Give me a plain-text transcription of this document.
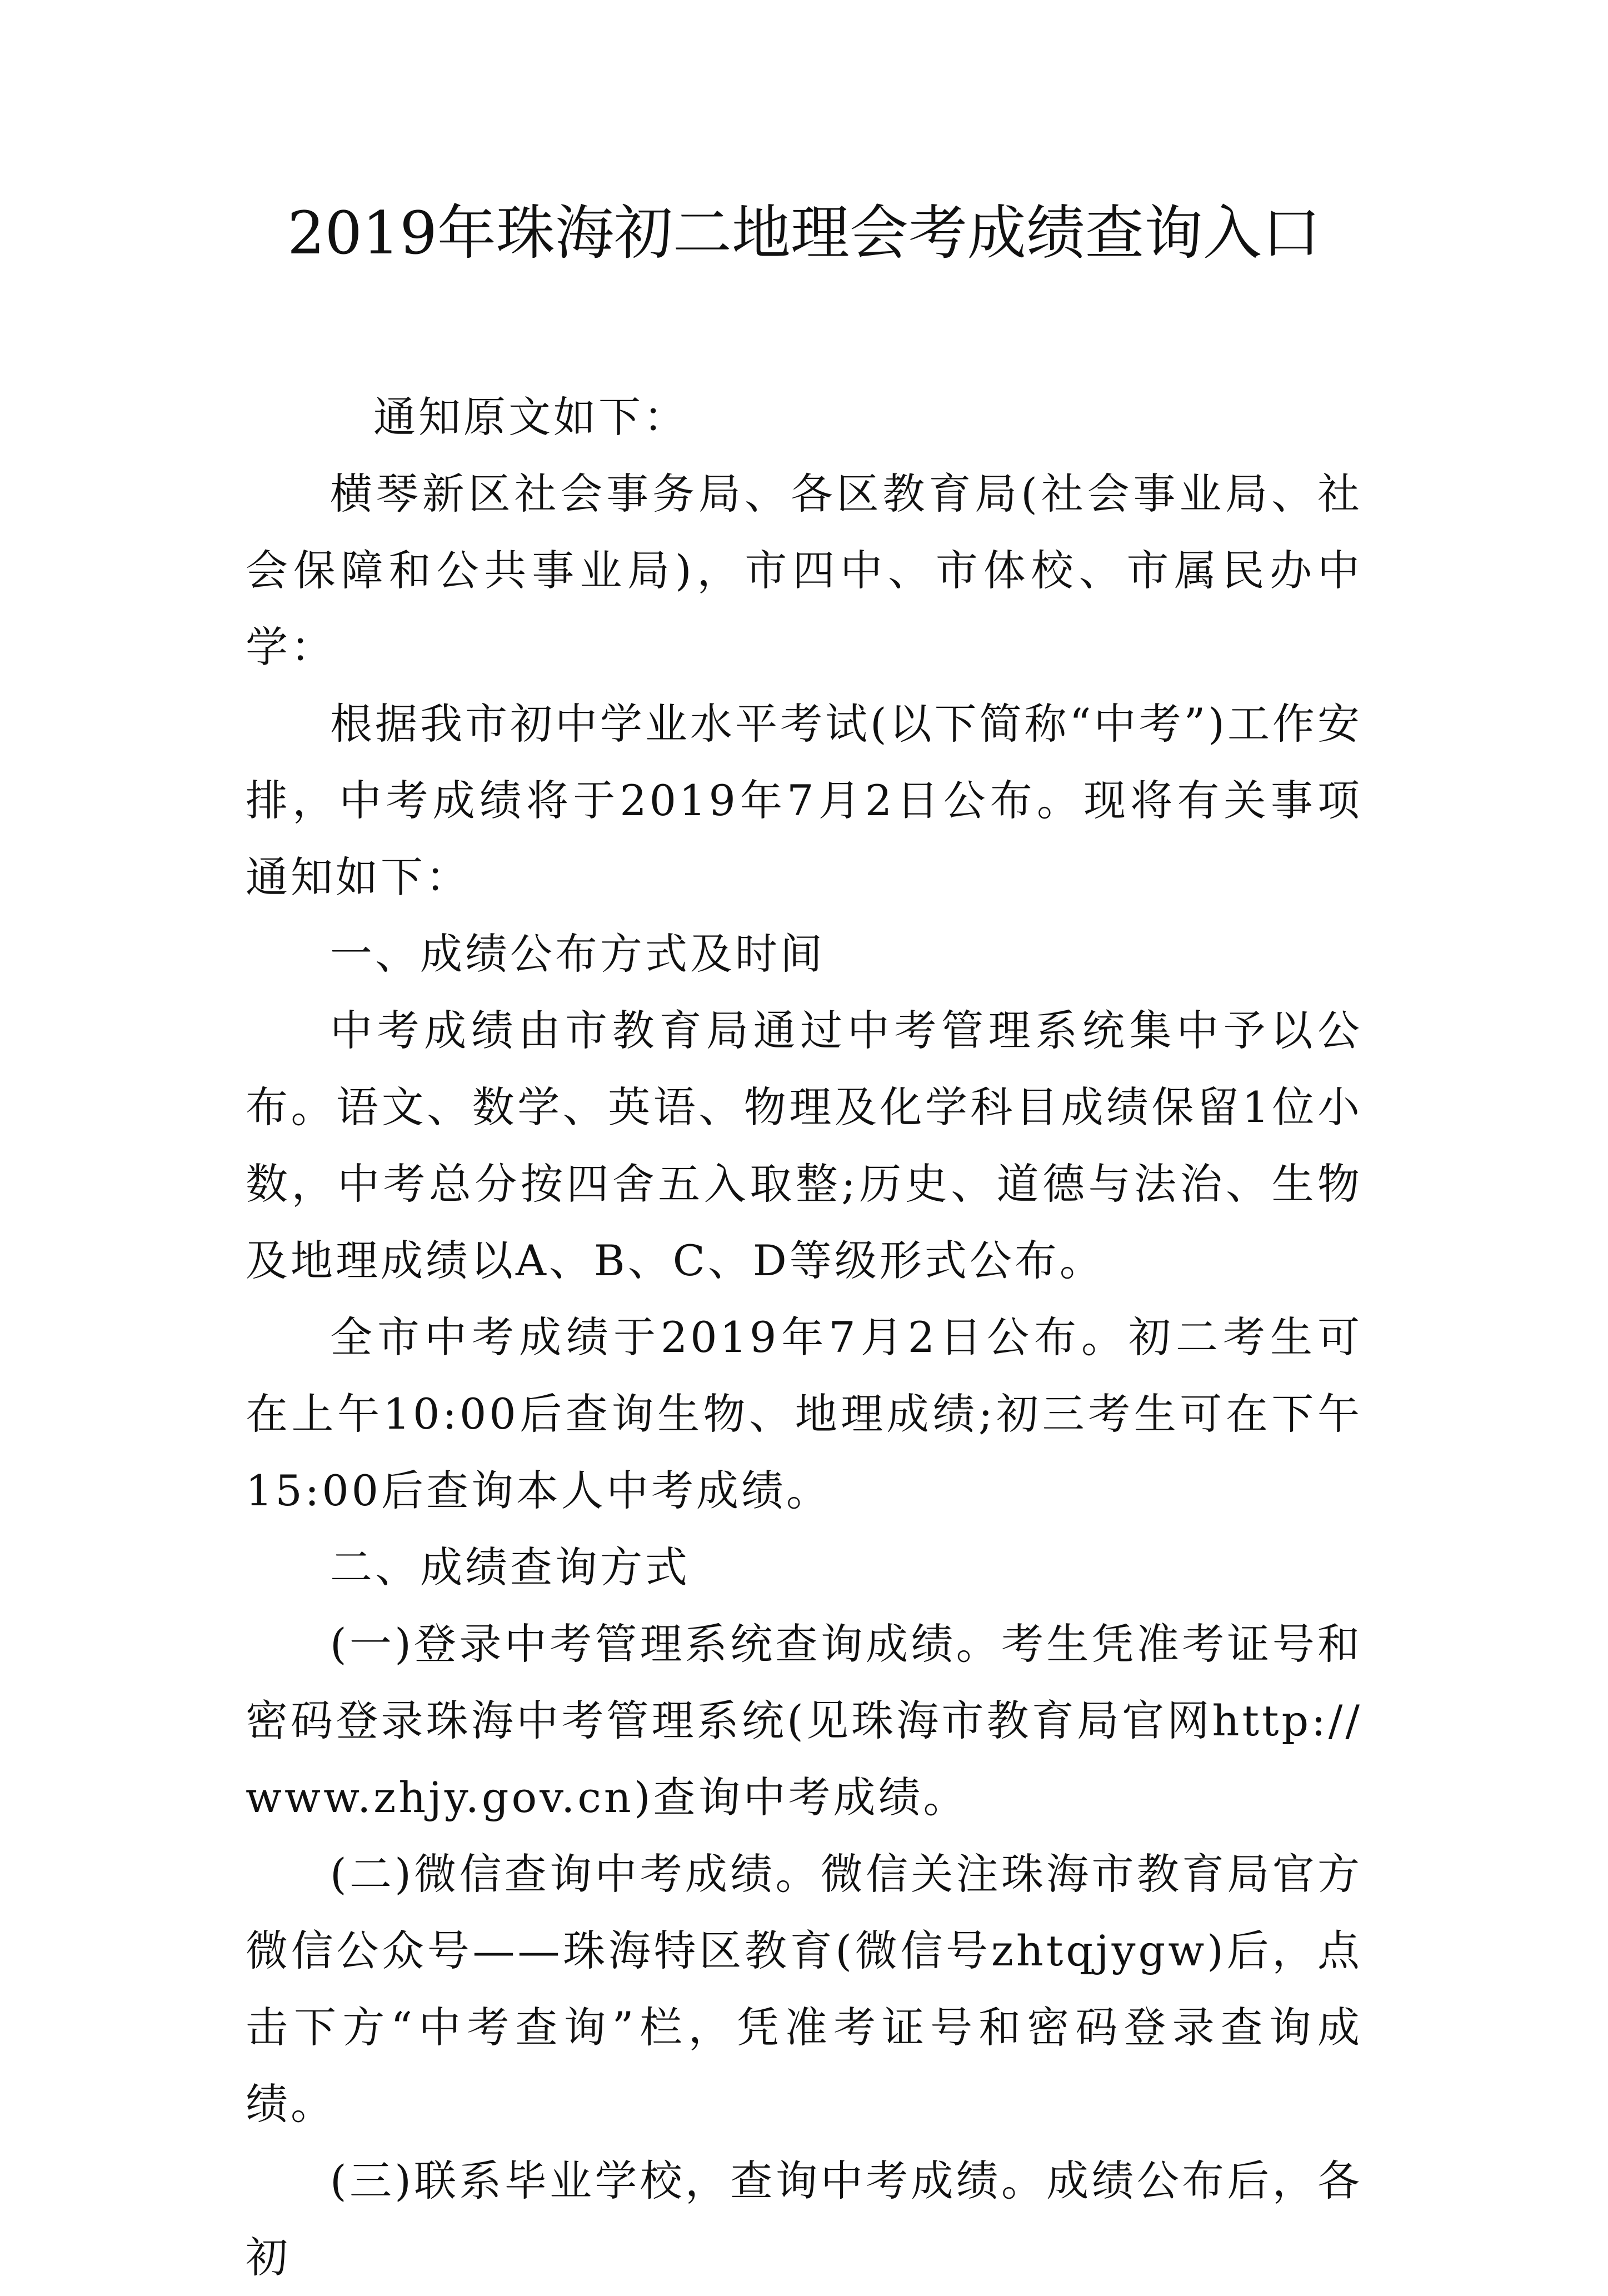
2019年珠海初二地理会考成绩查询入口

通知原文如下：

横琴新区社会事务局、各区教育局(社会事业局、社会保障和公共事业局)，市四中、市体校、市属民办中学：

根据我市初中学业水平考试(以下简称“中考”)工作安排，中考成绩将于2019年7月2日公布。现将有关事项通知如下：

一、成绩公布方式及时间

中考成绩由市教育局通过中考管理系统集中予以公布。语文、数学、英语、物理及化学科目成绩保留1位小数，中考总分按四舍五入取整;历史、道德与法治、生物及地理成绩以A、B、C、D等级形式公布。

全市中考成绩于2019年7月2日公布。初二考生可在上午10:00后查询生物、地理成绩;初三考生可在下午15:00后查询本人中考成绩。

二、成绩查询方式

(一)登录中考管理系统查询成绩。考生凭准考证号和密码登录珠海中考管理系统(见珠海市教育局官网http://www.zhjy.gov.cn)查询中考成绩。

(二)微信查询中考成绩。微信关注珠海市教育局官方微信公众号——珠海特区教育(微信号zhtqjygw)后，点击下方“中考查询”栏，凭准考证号和密码登录查询成绩。

(三)联系毕业学校，查询中考成绩。成绩公布后，各初
